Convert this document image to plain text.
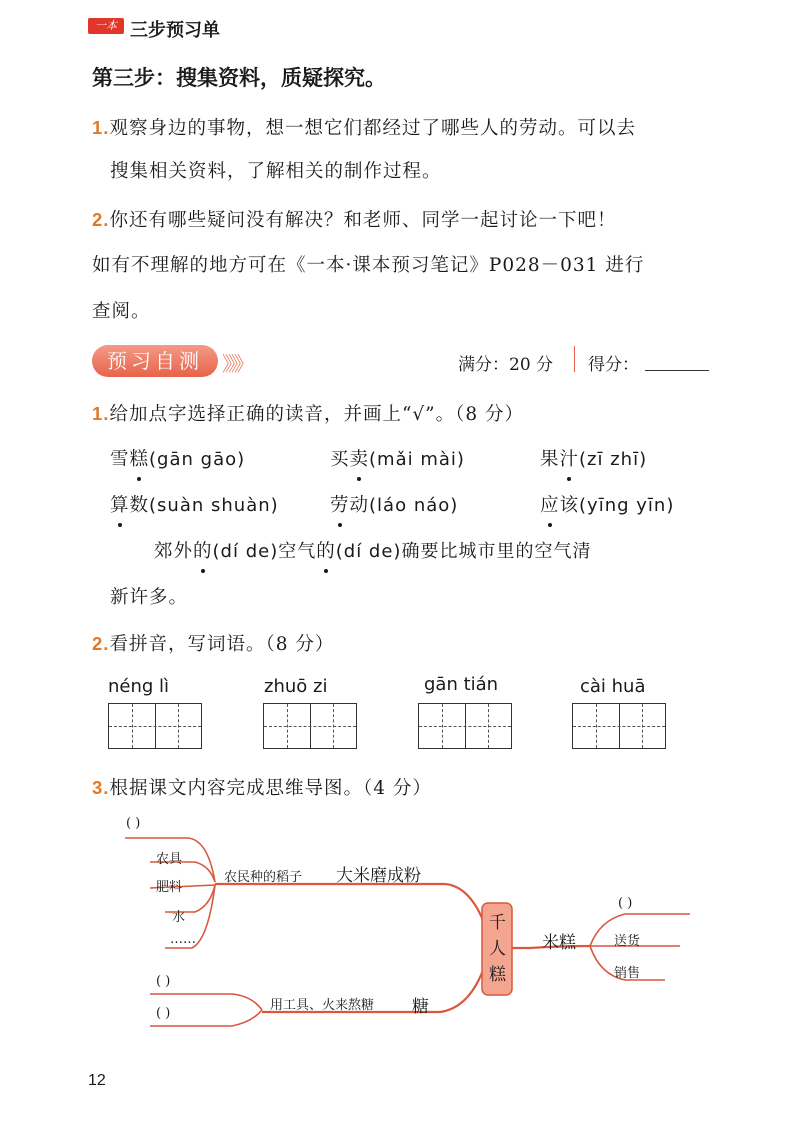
一本 三步预习单
第三步：搜集资料，质疑探究。
1.观察身边的事物，想一想它们都经过了哪些人的劳动。可以去
搜集相关资料，了解相关的制作过程。
2.你还有哪些疑问没有解决？和老师、同学一起讨论一下吧！
如有不理解的地方可在《一本·课本预习笔记》P028－031 进行
查阅。
预习自测 》》》	满分：20 分 得分：
1.给加点字选择正确的读音，并画上“√”。（8 分）
雪糕(gān gāo)	买卖(mǎi mài)	果汁(zī zhī)
算数(suàn shuàn)	劳动(láo náo)	应该(yīng yīn)
郊外的(dí de)空气的(dí de)确要比城市里的空气清
新许多。
2.看拼音，写词语。（8 分）
néng lì	zhuō zi	gān tián	cài huā
3.根据课文内容完成思维导图。（4 分）
( )
农具
肥料
水
……
农民种的稻子 大米磨成粉
( )
( )
用工具、火来熬糖 糖
千
人
糕
米糕
( )
送货
销售
12
